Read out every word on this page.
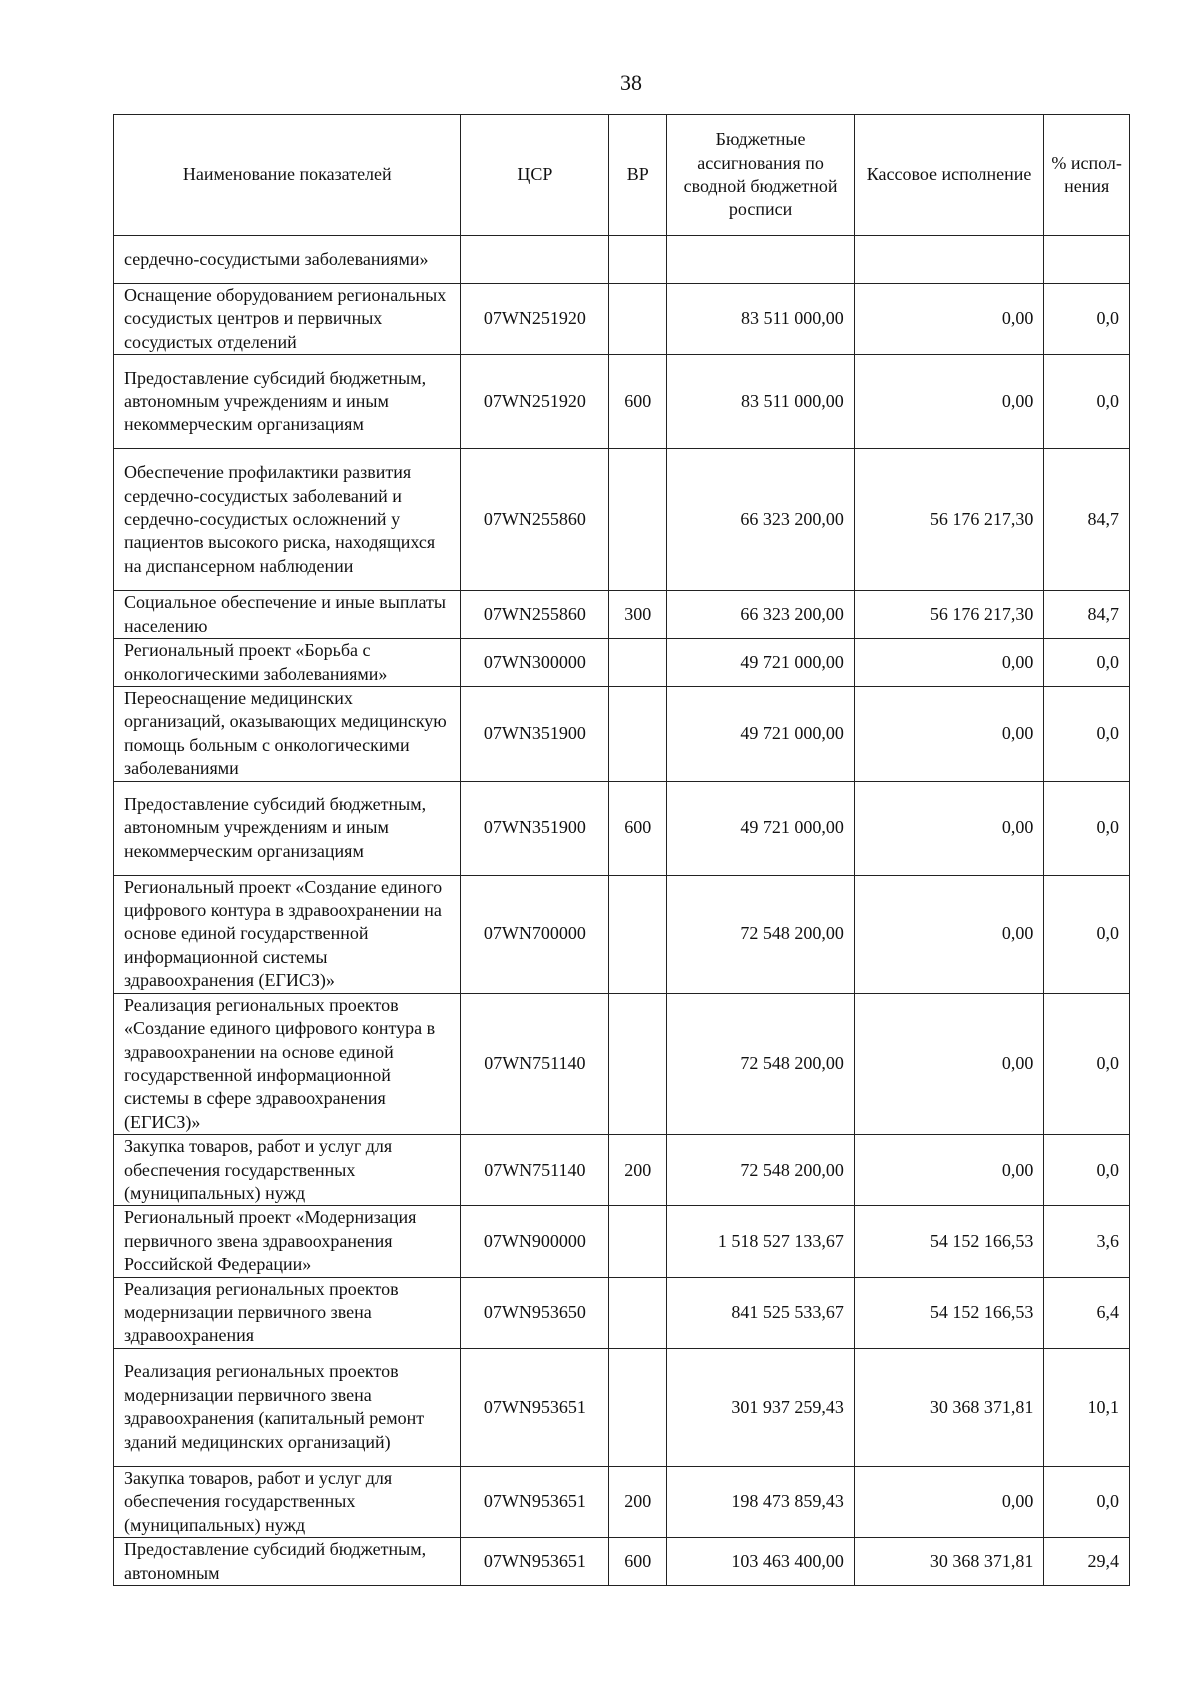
38
Наименование показателей	ЦСР	ВР	Бюджетные ассигнования по сводной бюджетной росписи	Кассовое исполнение	% испол-нения
сердечно-сосудистыми заболеваниями»					
Оснащение оборудованием региональных сосудистых центров и первичных сосудистых отделений	07WN251920		83 511 000,00	0,00	0,0
Предоставление субсидий бюджетным, автономным учреждениям и иным некоммерческим организациям	07WN251920	600	83 511 000,00	0,00	0,0
Обеспечение профилактики развития сердечно-сосудистых заболеваний и сердечно-сосудистых осложнений у пациентов высокого риска, находящихся на диспансерном наблюдении	07WN255860		66 323 200,00	56 176 217,30	84,7
Социальное обеспечение и иные выплаты населению	07WN255860	300	66 323 200,00	56 176 217,30	84,7
Региональный проект «Борьба с онкологическими заболеваниями»	07WN300000		49 721 000,00	0,00	0,0
Переоснащение медицинских организаций, оказывающих медицинскую помощь больным с онкологическими заболеваниями	07WN351900		49 721 000,00	0,00	0,0
Предоставление субсидий бюджетным, автономным учреждениям и иным некоммерческим организациям	07WN351900	600	49 721 000,00	0,00	0,0
Региональный проект «Создание единого цифрового контура в здравоохранении на основе единой государственной информационной системы здравоохранения (ЕГИСЗ)»	07WN700000		72 548 200,00	0,00	0,0
Реализация региональных проектов «Создание единого цифрового контура в здравоохранении на основе единой государственной информационной системы в сфере здравоохранения (ЕГИСЗ)»	07WN751140		72 548 200,00	0,00	0,0
Закупка товаров, работ и услуг для обеспечения государственных (муниципальных) нужд	07WN751140	200	72 548 200,00	0,00	0,0
Региональный проект «Модернизация первичного звена здравоохранения Российской Федерации»	07WN900000		1 518 527 133,67	54 152 166,53	3,6
Реализация региональных проектов модернизации первичного звена здравоохранения	07WN953650		841 525 533,67	54 152 166,53	6,4
Реализация региональных проектов модернизации первичного звена здравоохранения (капитальный ремонт зданий медицинских организаций)	07WN953651		301 937 259,43	30 368 371,81	10,1
Закупка товаров, работ и услуг для обеспечения государственных (муниципальных) нужд	07WN953651	200	198 473 859,43	0,00	0,0
Предоставление субсидий бюджетным, автономным	07WN953651	600	103 463 400,00	30 368 371,81	29,4
